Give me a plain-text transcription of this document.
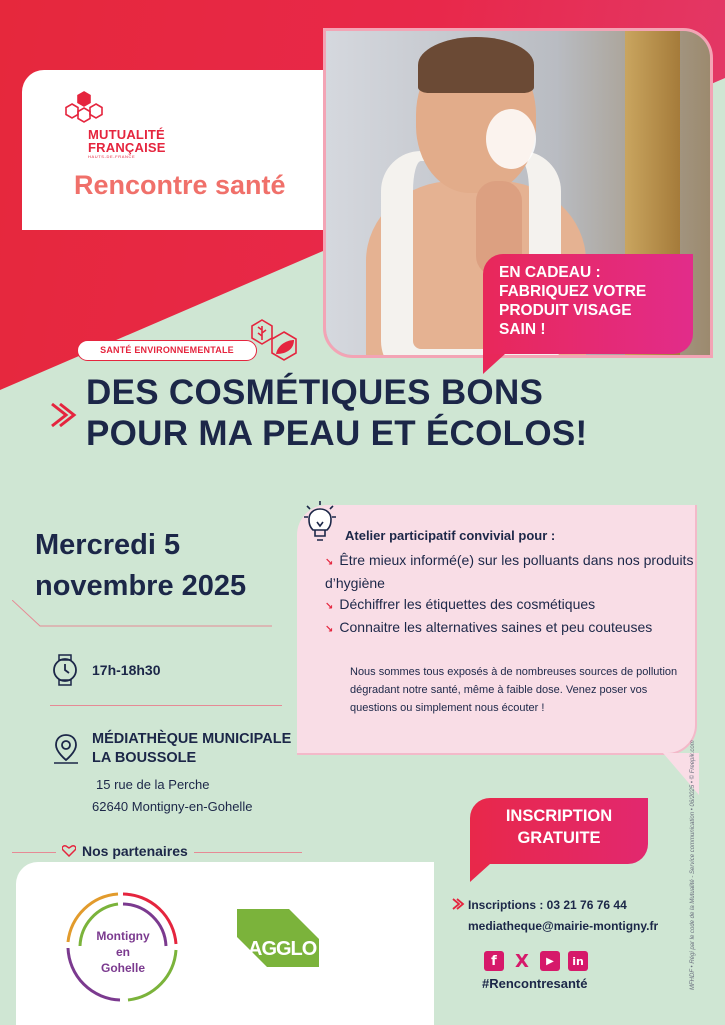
MUTUALITÉ
FRANÇAISE
HAUTS-DE-FRANCE
Rencontre santé
EN CADEAU :
FABRIQUEZ VOTRE
PRODUIT VISAGE
SAIN !
SANTÉ ENVIRONNEMENTALE
DES COSMÉTIQUES BONS
POUR MA PEAU ET ÉCOLOS!
Mercredi 5
novembre 2025
17h-18h30
MÉDIATHÈQUE MUNICIPALE
LA BOUSSOLE
15 rue de la Perche
62640 Montigny-en-Gohelle
Atelier participatif convivial pour :
↘ Être mieux informé(e) sur les polluants dans nos produits d’hygiène
↘ Déchiffrer les étiquettes des cosmétiques
↘ Connaitre les alternatives saines et peu couteuses
Nous sommes tous exposés à de nombreuses sources de pollution dégradant notre santé, même à faible dose. Venez poser vos questions ou simplement nous écouter !
MFHDF • Régi par le code de la Mutualité - Service communication • 06/2025 • © Freepik.com
INSCRIPTION
GRATUITE
Nos partenaires
Montigny
en
Gohelle
AGGLO
Inscriptions : 03 21 76 76 44
mediatheque@mairie-montigny.fr
f	X	▶	in
#Rencontresanté
